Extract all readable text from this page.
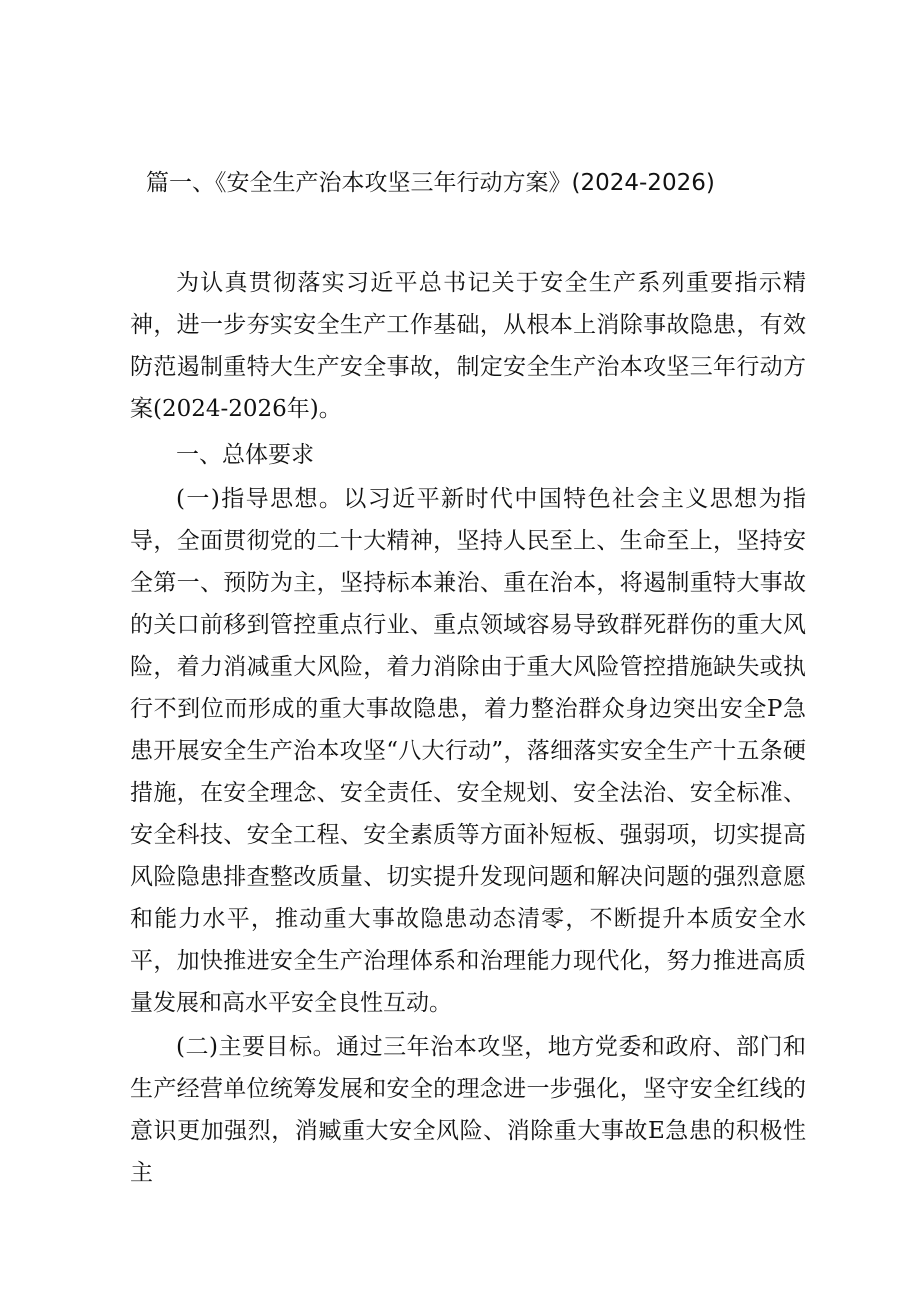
篇一、《安全生产治本攻坚三年行动方案》(2024-2026)

为认真贯彻落实习近平总书记关于安全生产系列重要指示精神，进一步夯实安全生产工作基础，从根本上消除事故隐患，有效防范遏制重特大生产安全事故，制定安全生产治本攻坚三年行动方案(2024-2026年)。

一、总体要求

(一)指导思想。以习近平新时代中国特色社会主义思想为指导，全面贯彻党的二十大精神，坚持人民至上、生命至上，坚持安全第一、预防为主，坚持标本兼治、重在治本，将遏制重特大事故的关口前移到管控重点行业、重点领域容易导致群死群伤的重大风险，着力消减重大风险，着力消除由于重大风险管控措施缺失或执行不到位而形成的重大事故隐患，着力整治群众身边突出安全P急患开展安全生产治本攻坚“八大行动”，落细落实安全生产十五条硬措施，在安全理念、安全责任、安全规划、安全法治、安全标准、安全科技、安全工程、安全素质等方面补短板、强弱项，切实提高风险隐患排查整改质量、切实提升发现问题和解决问题的强烈意愿和能力水平，推动重大事故隐患动态清零，不断提升本质安全水平，加快推进安全生产治理体系和治理能力现代化，努力推进高质量发展和高水平安全良性互动。

(二)主要目标。通过三年治本攻坚，地方党委和政府、部门和生产经营单位统筹发展和安全的理念进一步强化，坚守安全红线的意识更加强烈，消臧重大安全风险、消除重大事故E急患的积极性主
